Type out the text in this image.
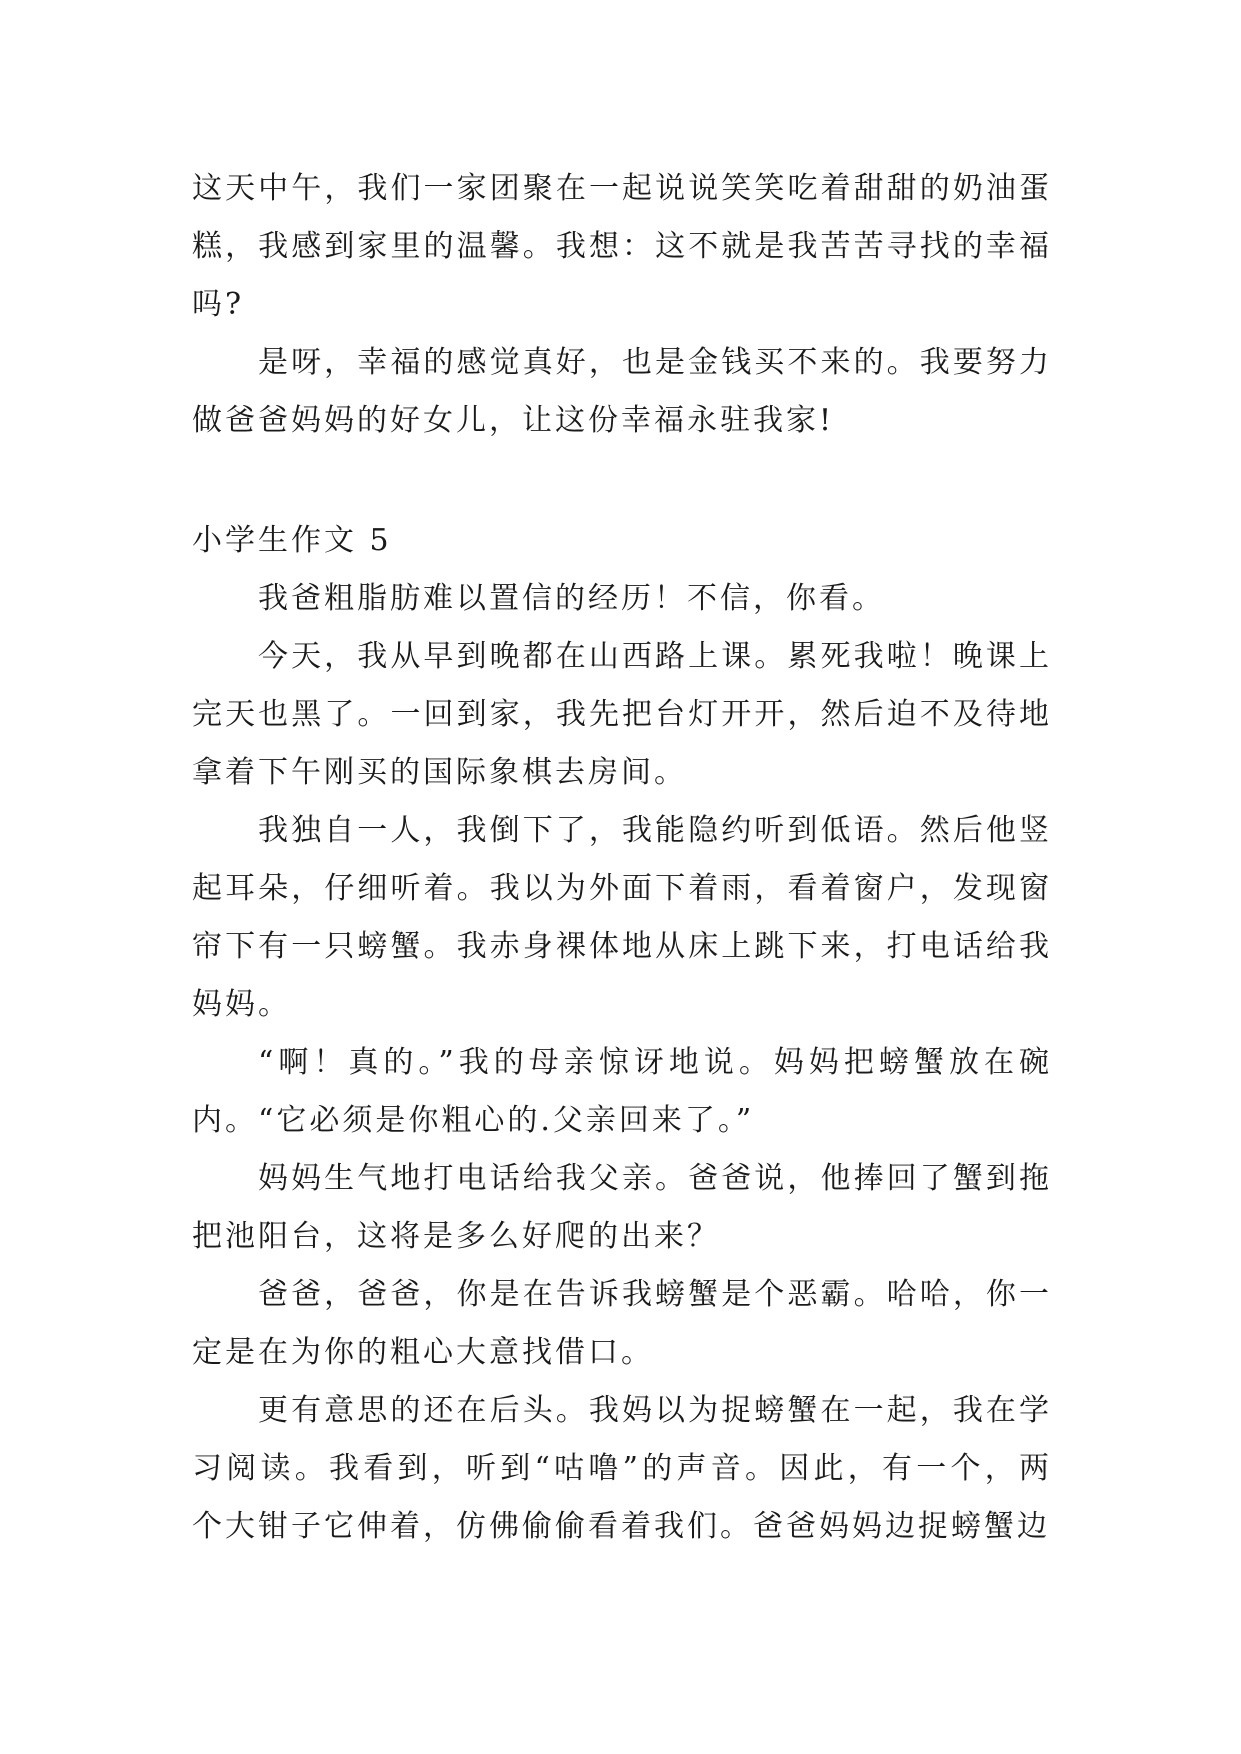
这天中午，我们一家团聚在一起说说笑笑吃着甜甜的奶油蛋糕，我感到家里的温馨。我想：这不就是我苦苦寻找的幸福吗?

是呀，幸福的感觉真好，也是金钱买不来的。我要努力做爸爸妈妈的好女儿，让这份幸福永驻我家!

小学生作文 5

我爸粗脂肪难以置信的经历！不信，你看。

今天，我从早到晚都在山西路上课。累死我啦！晚课上完天也黑了。一回到家，我先把台灯开开，然后迫不及待地拿着下午刚买的国际象棋去房间。

我独自一人，我倒下了，我能隐约听到低语。然后他竖起耳朵，仔细听着。我以为外面下着雨，看着窗户，发现窗帘下有一只螃蟹。我赤身裸体地从床上跳下来，打电话给我妈妈。

“啊！真的。”我的母亲惊讶地说。妈妈把螃蟹放在碗内。“它必须是你粗心的.父亲回来了。”

妈妈生气地打电话给我父亲。爸爸说，他捧回了蟹到拖把池阳台，这将是多么好爬的出来？

爸爸，爸爸，你是在告诉我螃蟹是个恶霸。哈哈，你一定是在为你的粗心大意找借口。

更有意思的还在后头。我妈以为捉螃蟹在一起，我在学习阅读。我看到，听到“咕噜”的声音。因此，有一个，两个大钳子它伸着，仿佛偷偷看着我们。爸爸妈妈边捉螃蟹边
